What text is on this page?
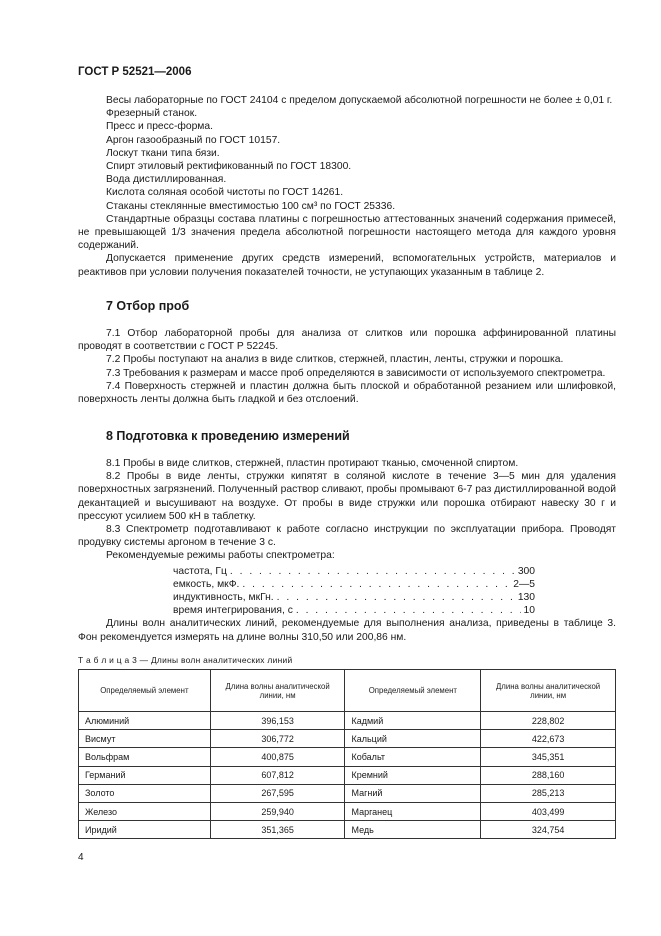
ГОСТ Р 52521—2006

Весы лабораторные по ГОСТ 24104 с пределом допускаемой абсолютной погрешности не более ± 0,01 г.

Фрезерный станок.

Пресс и пресс-форма.

Аргон газообразный по ГОСТ 10157.

Лоскут ткани типа бязи.

Спирт этиловый ректификованный по ГОСТ 18300.

Вода дистиллированная.

Кислота соляная особой чистоты по ГОСТ 14261.

Стаканы стеклянные вместимостью 100 см³ по ГОСТ 25336.

Стандартные образцы состава платины с погрешностью аттестованных значений содержания примесей, не превышающей 1/3 значения предела абсолютной погрешности настоящего метода для каждого уровня содержаний.

Допускается применение других средств измерений, вспомогательных устройств, материалов и реактивов при условии получения показателей точности, не уступающих указанным в таблице 2.

7 Отбор проб

7.1 Отбор лабораторной пробы для анализа от слитков или порошка аффинированной платины проводят в соответствии с ГОСТ Р 52245.

7.2 Пробы поступают на анализ в виде слитков, стержней, пластин, ленты, стружки и порошка.

7.3 Требования к размерам и массе проб определяются в зависимости от используемого спектрометра.

7.4 Поверхность стержней и пластин должна быть плоской и обработанной резанием или шлифовкой, поверхность ленты должна быть гладкой и без отслоений.

8 Подготовка к проведению измерений

8.1 Пробы в виде слитков, стержней, пластин протирают тканью, смоченной спиртом.

8.2 Пробы в виде ленты, стружки кипятят в соляной кислоте в течение 3—5 мин для удаления поверхностных загрязнений. Полученный раствор сливают, пробы промывают 6-7 раз дистиллированной водой декантацией и высушивают на воздухе. От пробы в виде стружки или порошка отбирают навеску 30 г и прессуют усилием 500 кН в таблетку.

8.3 Спектрометр подготавливают к работе согласно инструкции по эксплуатации прибора. Проводят продувку системы аргоном в течение 3 с.

Рекомендуемые режимы работы спектрометра:

частота, Гц . . .	300
емкость, мкФ. . . .	2—5
индуктивность, мкГн. . . .	130
время интегрирования, с . . .	10

Длины волн аналитических линий, рекомендуемые для выполнения анализа, приведены в таблице 3. Фон рекомендуется измерять на длине волны 310,50 или 200,86 нм.

Т а б л и ц а 3 — Длины волн аналитических линий
Определяемый элемент	Длина волны аналитической линии, нм	Определяемый элемент	Длина волны аналитической линии, нм
Алюминий	396,153	Кадмий	228,802
Висмут	306,772	Кальций	422,673
Вольфрам	400,875	Кобальт	345,351
Германий	607,812	Кремний	288,160
Золото	267,595	Магний	285,213
Железо	259,940	Марганец	403,499
Иридий	351,365	Медь	324,754
4
